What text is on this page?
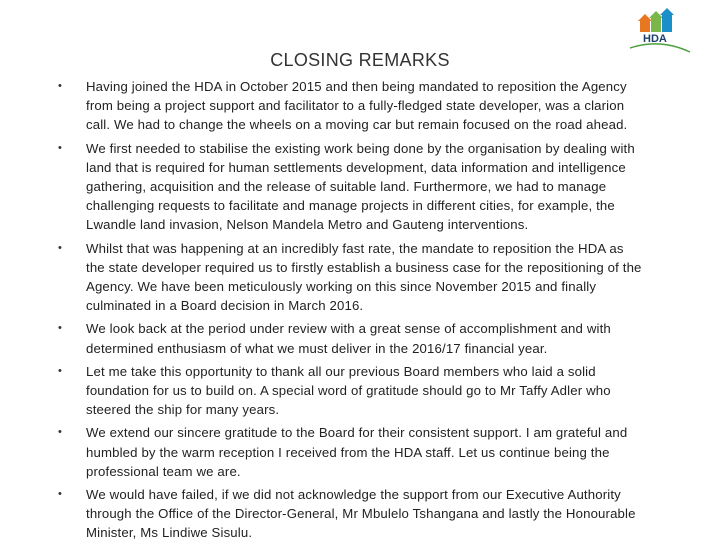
CLOSING REMARKS
HDA
• Having joined the HDA in October 2015 and then being mandated to reposition the Agency
from being a project support and facilitator to a fully-fledged state developer, was a clarion
call. We had to change the wheels on a moving car but remain focused on the road ahead.
• We first needed to stabilise the existing work being done by the organisation by dealing with
land that is required for human settlements development, data information and intelligence
gathering, acquisition and the release of suitable land. Furthermore, we had to manage
challenging requests to facilitate and manage projects in different cities, for example, the
Lwandle land invasion, Nelson Mandela Metro and Gauteng interventions.
• Whilst that was happening at an incredibly fast rate, the mandate to reposition the HDA as
the state developer required us to firstly establish a business case for the repositioning of the
Agency. We have been meticulously working on this since November 2015 and finally
culminated in a Board decision in March 2016.
• We look back at the period under review with a great sense of accomplishment and with
determined enthusiasm of what we must deliver in the 2016/17 financial year.
• Let me take this opportunity to thank all our previous Board members who laid a solid
foundation for us to build on. A special word of gratitude should go to Mr Taffy Adler who
steered the ship for many years.
• We extend our sincere gratitude to the Board for their consistent support. I am grateful and
humbled by the warm reception I received from the HDA staff. Let us continue being the
professional team we are.
• We would have failed, if we did not acknowledge the support from our Executive Authority
through the Office of the Director-General, Mr Mbulelo Tshangana and lastly the Honourable
Minister, Ms Lindiwe Sisulu.
